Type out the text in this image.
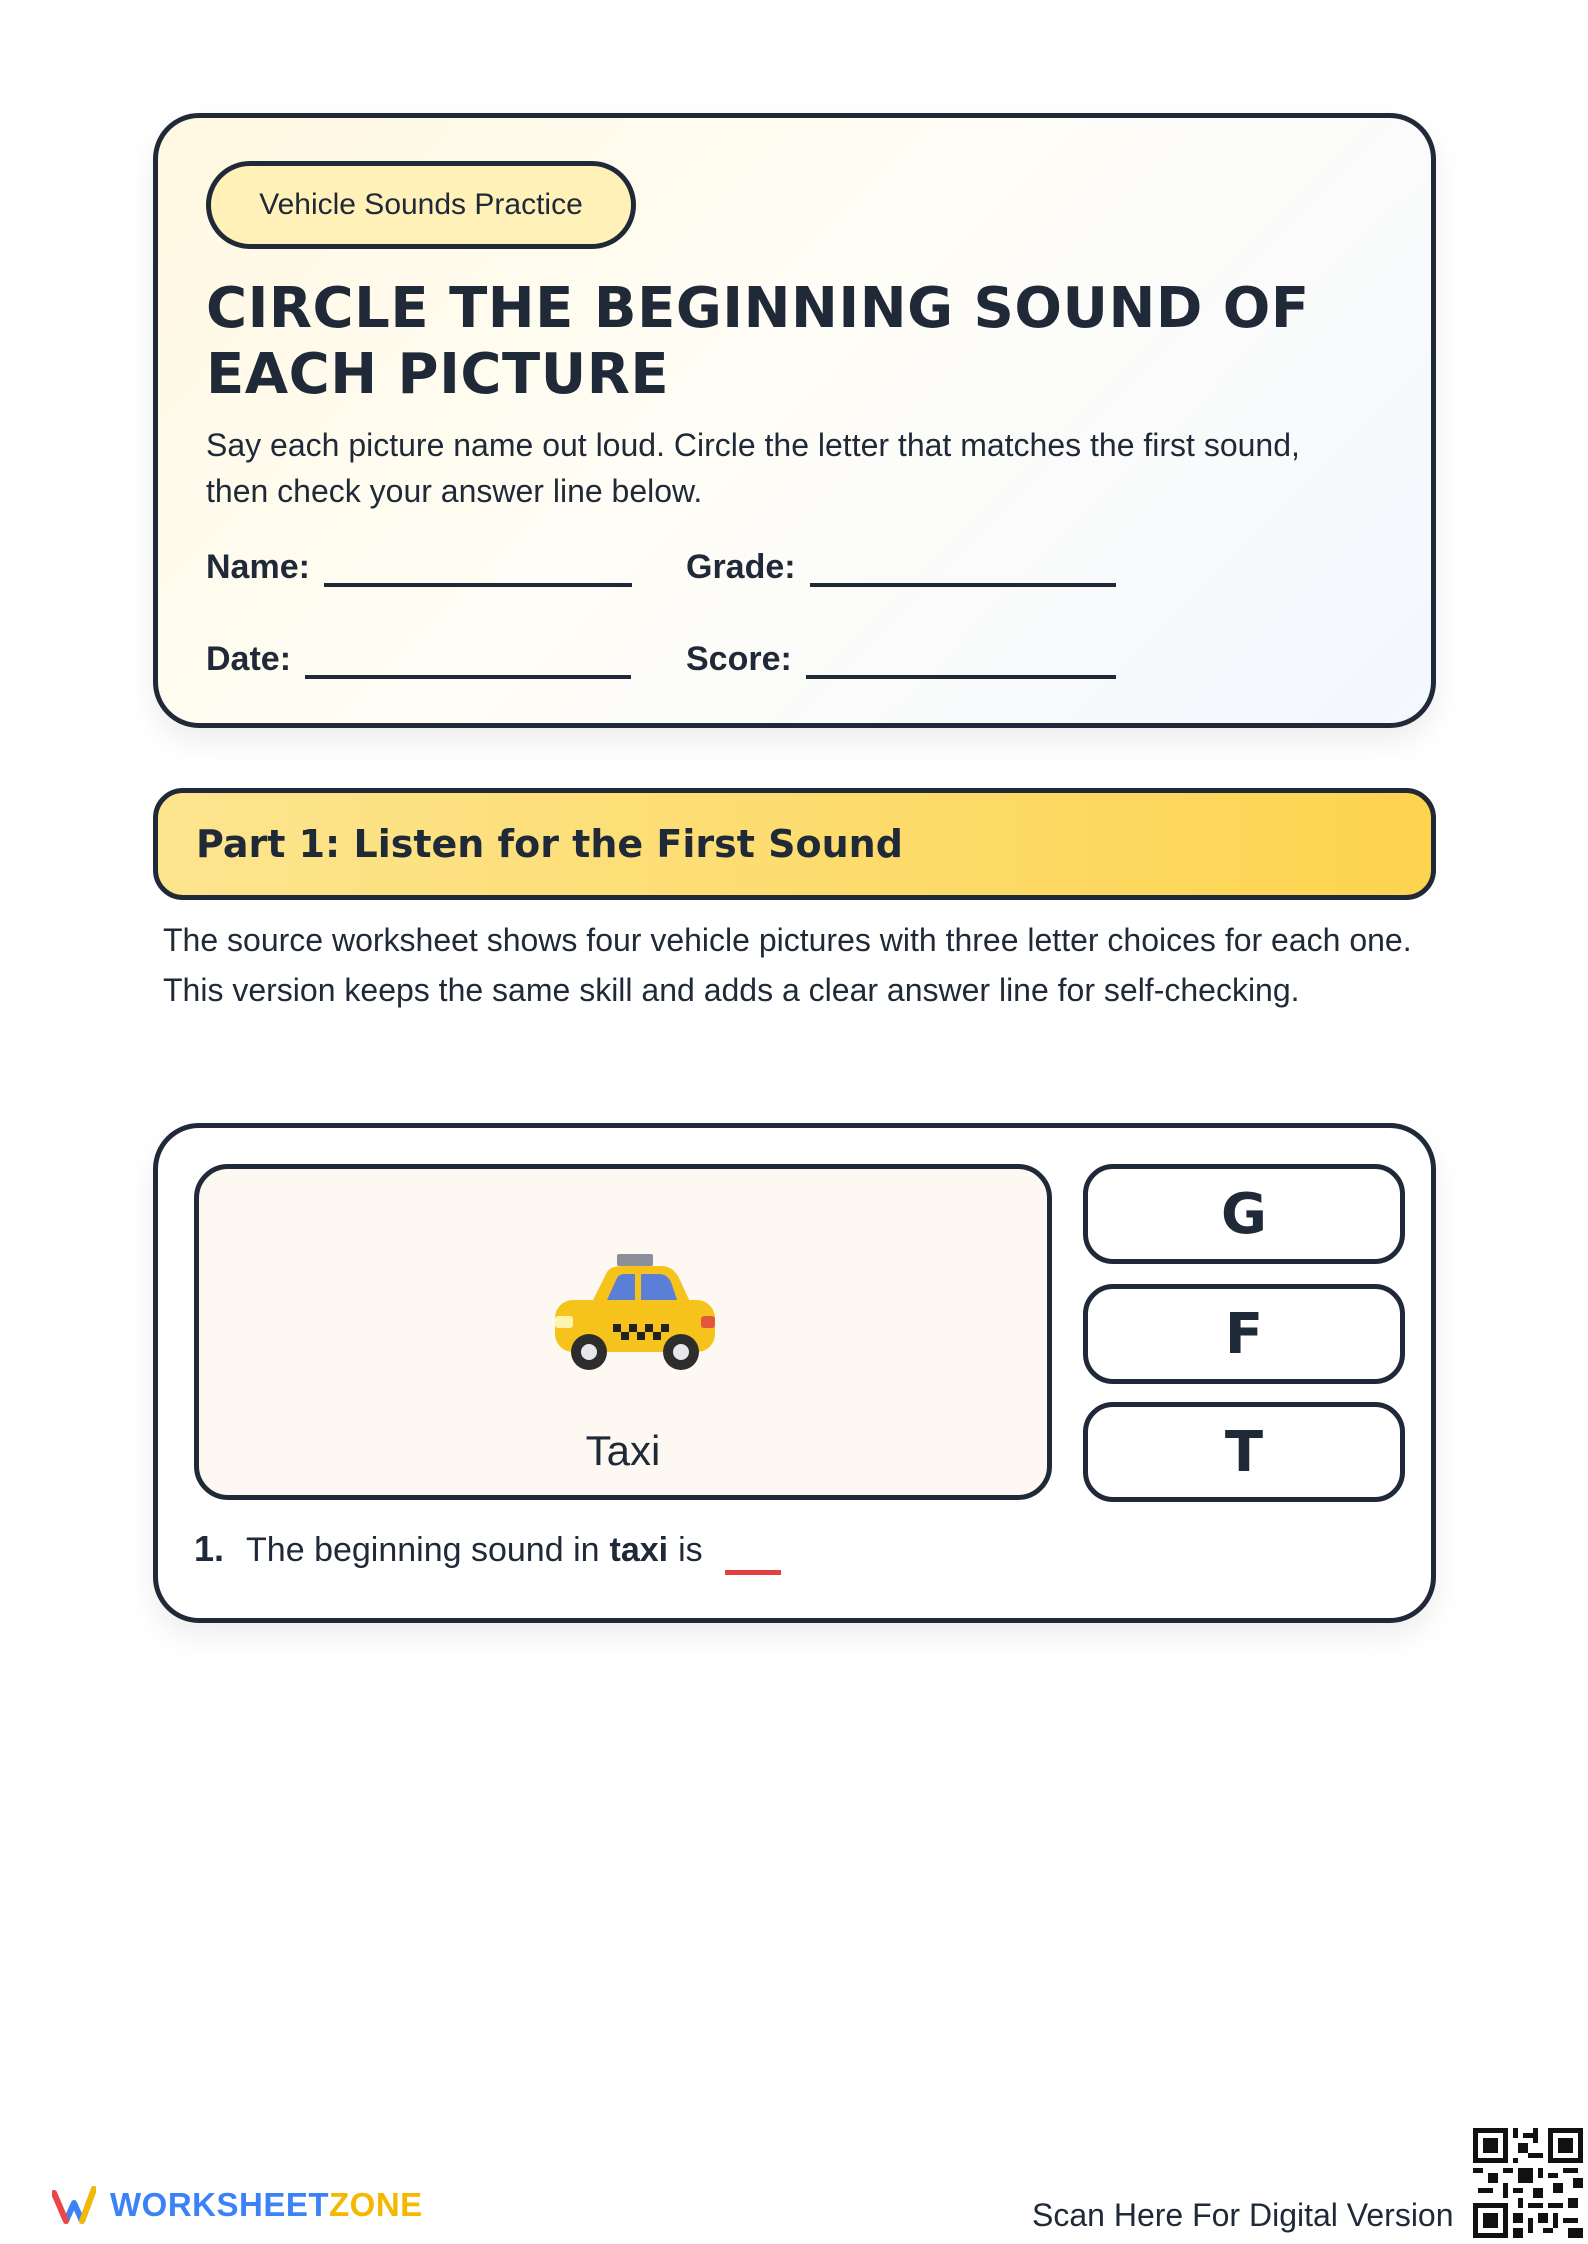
Vehicle Sounds Practice
CIRCLE THE BEGINNING SOUND OF EACH PICTURE

Say each picture name out loud. Circle the letter that matches the first sound, then check your answer line below.

Name:	Grade:
Date:	Score:
Part 1: Listen for the First Sound

The source worksheet shows four vehicle pictures with three letter choices for each one. This version keeps the same skill and adds a clear answer line for self-checking.

Taxi
G
F
T
1. The beginning sound in taxi is
WORKSHEETZONE	Scan Here For Digital Version
